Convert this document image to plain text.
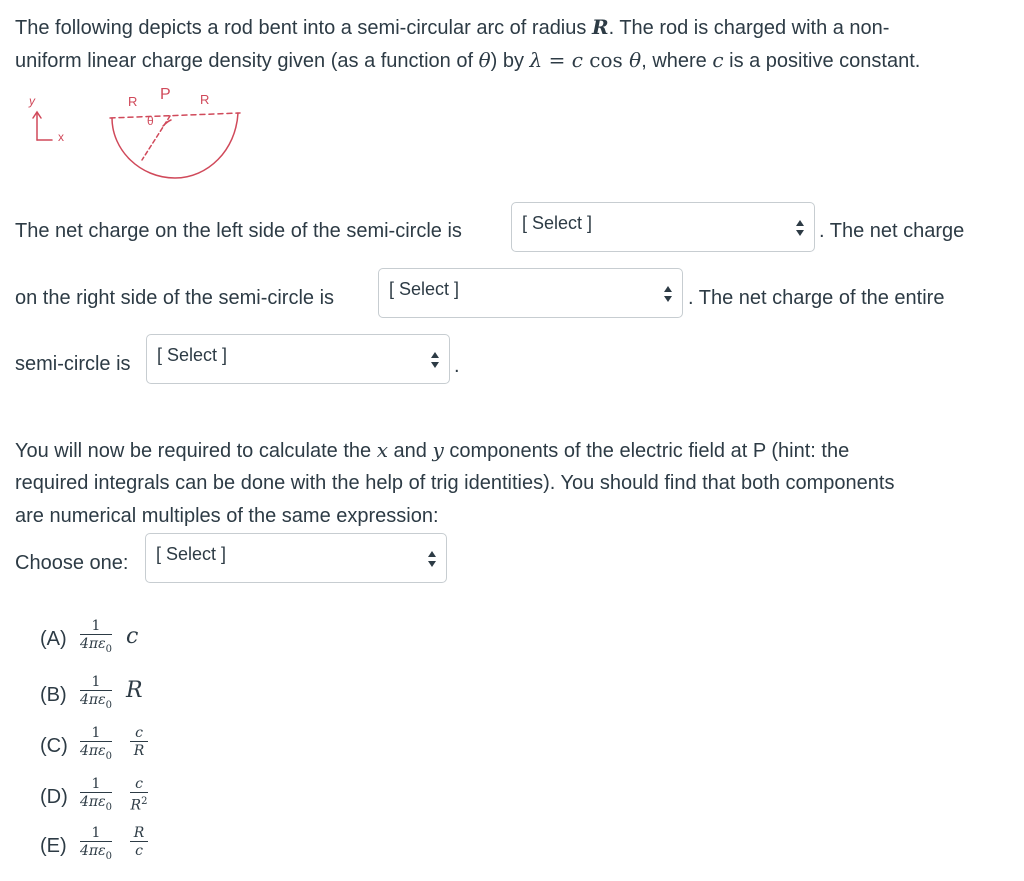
The following depicts a rod bent into a semi-circular arc of radius R. The rod is charged with a non-
uniform linear charge density given (as a function of θ) by λ = c cos θ, where c is a positive constant.
y
x
R P R
θ
The net charge on the left side of the semi-circle is	[ Select ]	. The net charge
on the right side of the semi-circle is	[ Select ]	. The net charge of the entire
semi-circle is [ Select ]	.
You will now be required to calculate the x and y components of the electric field at P (hint: the
required integrals can be done with the help of trig identities). You should find that both components
are numerical multiples of the same expression:
Choose one: [ Select ]
(A)
1
$4\pi\varepsilon_0$
c
(B)
1
$4\pi\varepsilon_0$
R
(C)
1
$4\pi\varepsilon_0$
c
R
(D)
1
$4\pi\varepsilon_0$
c
$R^2$
(E)
1
$4\pi\varepsilon_0$
R
c
